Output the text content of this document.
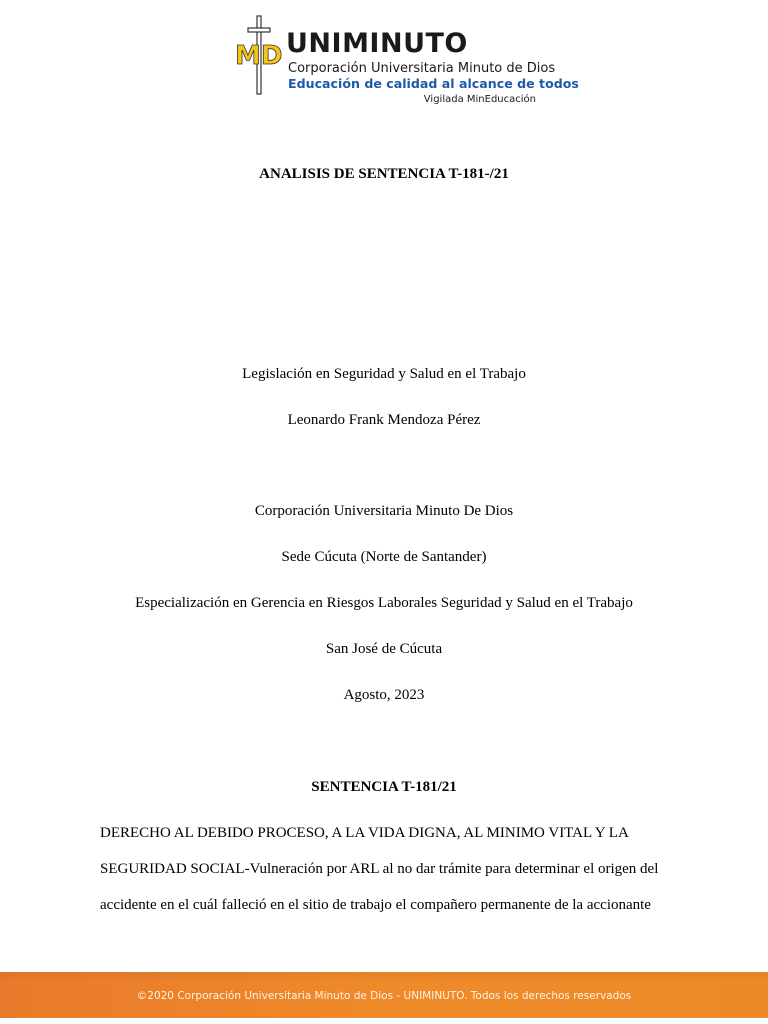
MD UNIMINUTO
Corporación Universitaria Minuto de Dios
Educación de calidad al alcance de todos
Vigilada MinEducación
ANALISIS DE SENTENCIA T-181-/21
Legislación en Seguridad y Salud en el Trabajo
Leonardo Frank Mendoza Pérez
Corporación Universitaria Minuto De Dios
Sede Cúcuta (Norte de Santander)
Especialización en Gerencia en Riesgos Laborales Seguridad y Salud en el Trabajo
San José de Cúcuta
Agosto, 2023
SENTENCIA T-181/21
DERECHO AL DEBIDO PROCESO, A LA VIDA DIGNA, AL MINIMO VITAL Y LA
SEGURIDAD SOCIAL-Vulneración por ARL al no dar trámite para determinar el origen del
accidente en el cuál falleció en el sitio de trabajo el compañero permanente de la accionante
©2020 Corporación Universitaria Minuto de Dios - UNIMINUTO. Todos los derechos reservados
